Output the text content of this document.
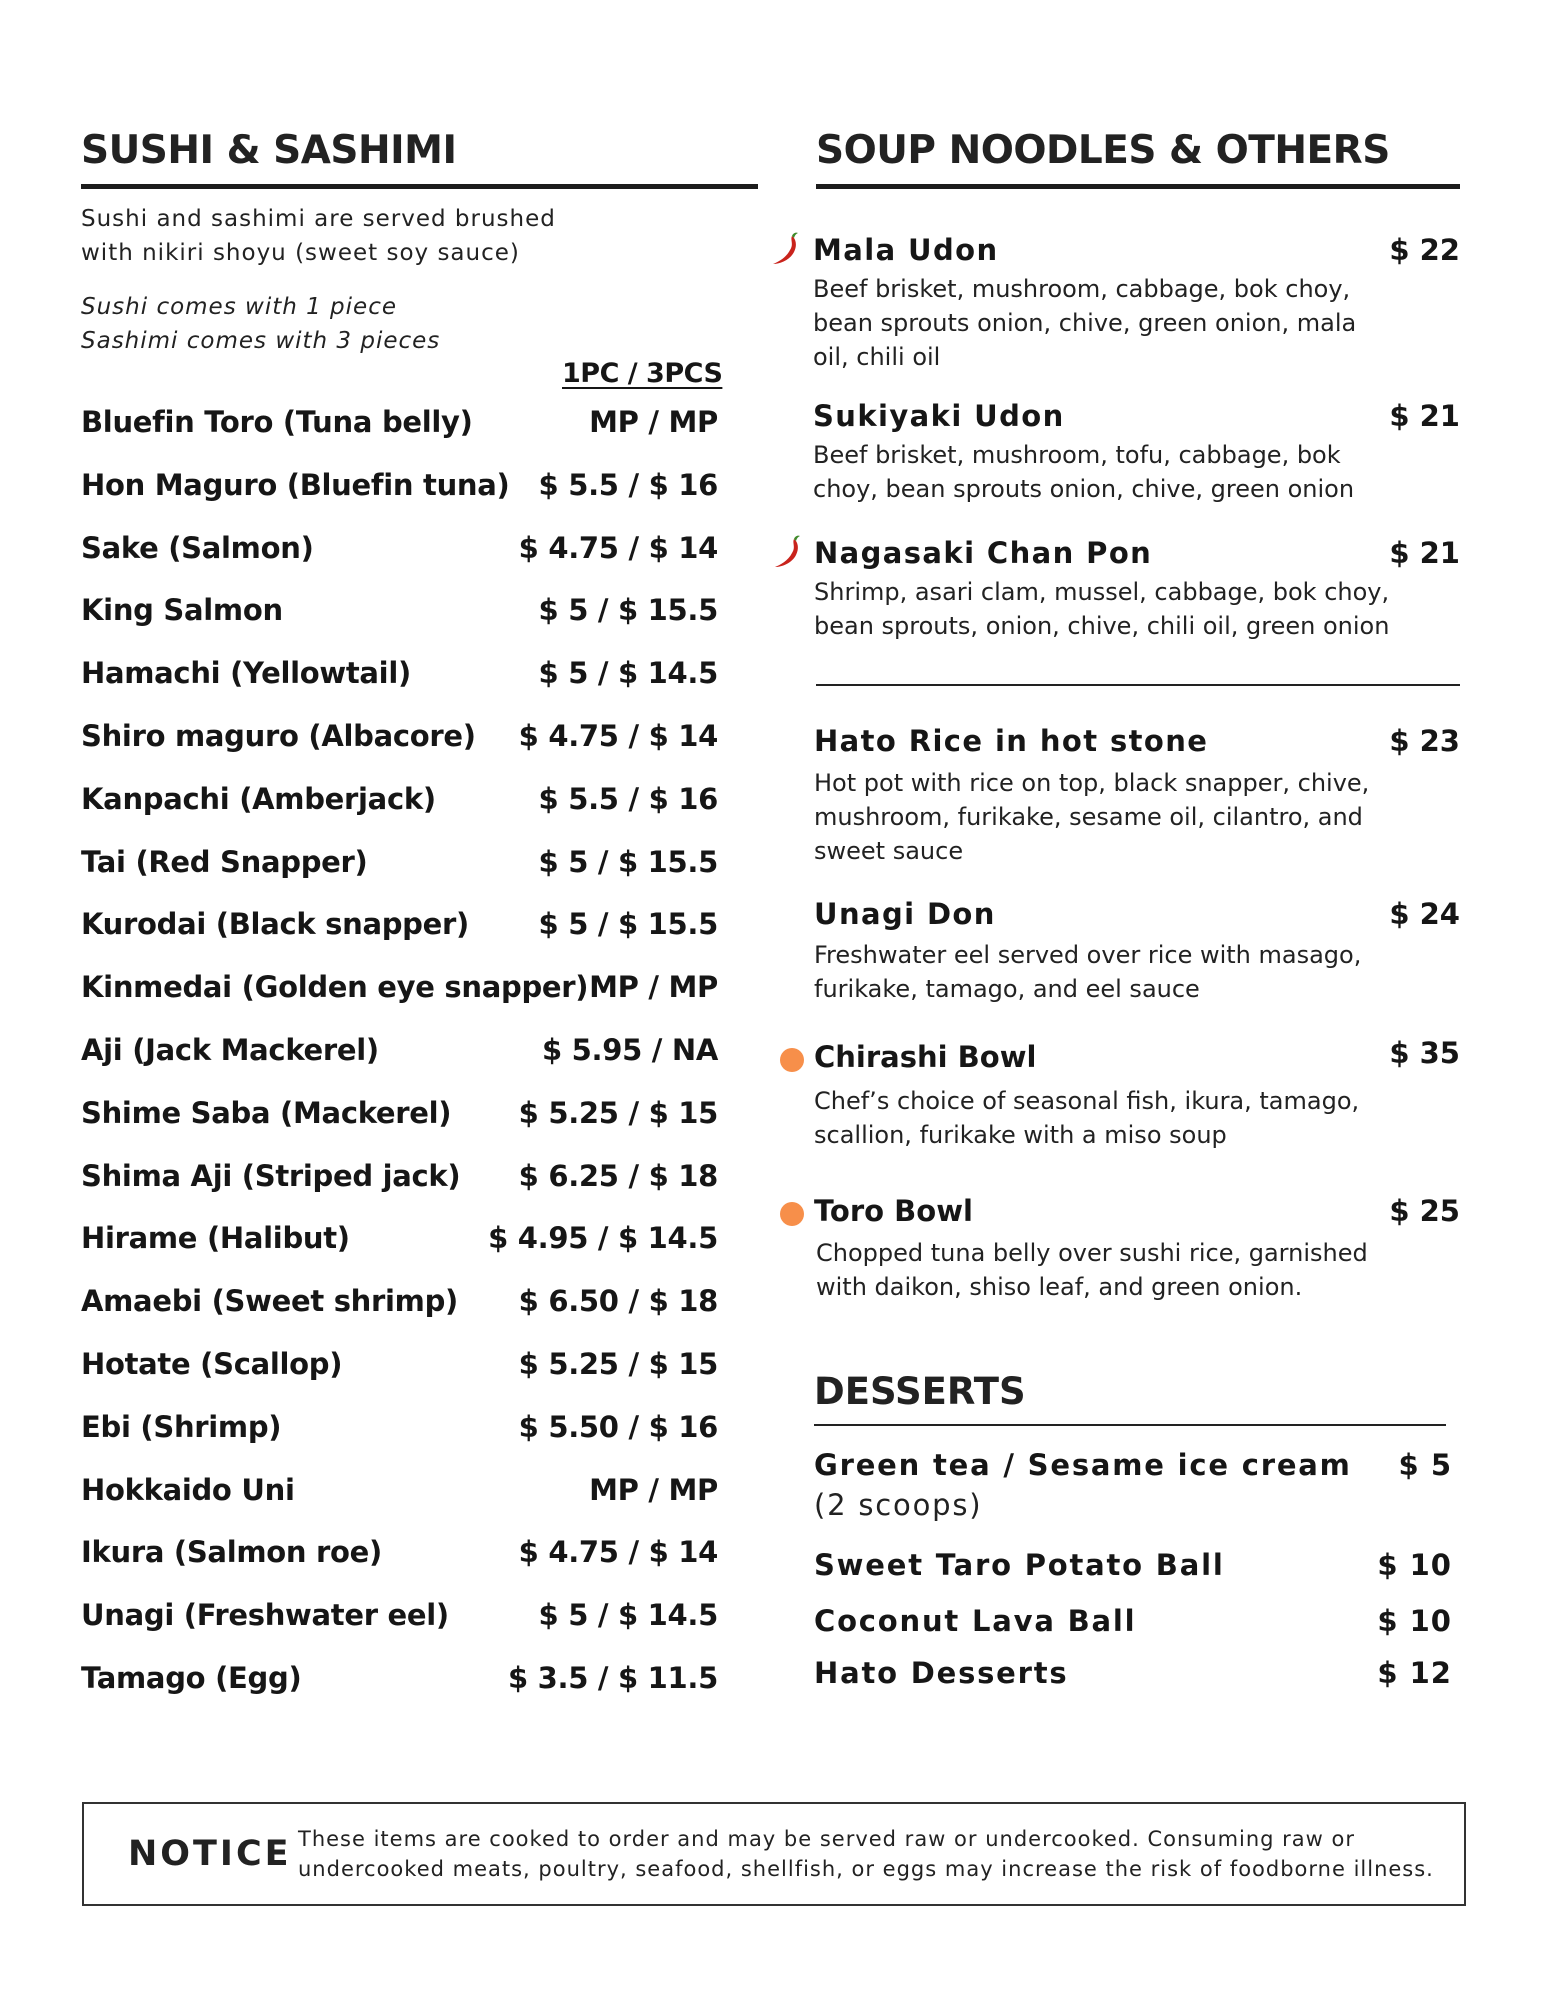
SUSHI & SASHIMI
Sushi and sashimi are served brushed
with nikiri shoyu (sweet soy sauce)
Sushi comes with 1 piece
Sashimi comes with 3 pieces
1PC / 3PCS
Bluefin Toro (Tuna belly)	MP / MP
Hon Maguro (Bluefin tuna)	$ 5.5 / $ 16
Sake (Salmon)	$ 4.75 / $ 14
King Salmon	$ 5 / $ 15.5
Hamachi (Yellowtail)	$ 5 / $ 14.5
Shiro maguro (Albacore)	$ 4.75 / $ 14
Kanpachi (Amberjack)	$ 5.5 / $ 16
Tai (Red Snapper)	$ 5 / $ 15.5
Kurodai (Black snapper)	$ 5 / $ 15.5
Kinmedai (Golden eye snapper) MP / MP
Aji (Jack Mackerel)	$ 5.95 / NA
Shime Saba (Mackerel)	$ 5.25 / $ 15
Shima Aji (Striped jack)	$ 6.25 / $ 18
Hirame (Halibut)	$ 4.95 / $ 14.5
Amaebi (Sweet shrimp)	$ 6.50 / $ 18
Hotate (Scallop)	$ 5.25 / $ 15
Ebi (Shrimp)	$ 5.50 / $ 16
Hokkaido Uni	MP / MP
Ikura (Salmon roe)	$ 4.75 / $ 14
Unagi (Freshwater eel)	$ 5 / $ 14.5
Tamago (Egg)	$ 3.5 / $ 11.5
SOUP NOODLES & OTHERS
Mala Udon	$ 22
Beef brisket, mushroom, cabbage, bok choy,
bean sprouts onion, chive, green onion, mala
oil, chili oil
Sukiyaki Udon	$ 21
Beef brisket, mushroom, tofu, cabbage, bok
choy, bean sprouts onion, chive, green onion
Nagasaki Chan Pon	$ 21
Shrimp, asari clam, mussel, cabbage, bok choy,
bean sprouts, onion, chive, chili oil, green onion
Hato Rice in hot stone	$ 23
Hot pot with rice on top, black snapper, chive,
mushroom, furikake, sesame oil, cilantro, and
sweet sauce
Unagi Don	$ 24
Freshwater eel served over rice with masago,
furikake, tamago, and eel sauce
Chirashi Bowl	$ 35
Chef’s choice of seasonal fish, ikura, tamago,
scallion, furikake with a miso soup
Toro Bowl	$ 25
Chopped tuna belly over sushi rice, garnished
with daikon, shiso leaf, and green onion.
DESSERTS
Green tea / Sesame ice cream	$ 5
(2 scoops)
Sweet Taro Potato Ball	$ 10
Coconut Lava Ball	$ 10
Hato Desserts	$ 12
NOTICE These items are cooked to order and may be served raw or undercooked. Consuming raw or
undercooked meats, poultry, seafood, shellfish, or eggs may increase the risk of foodborne illness.
